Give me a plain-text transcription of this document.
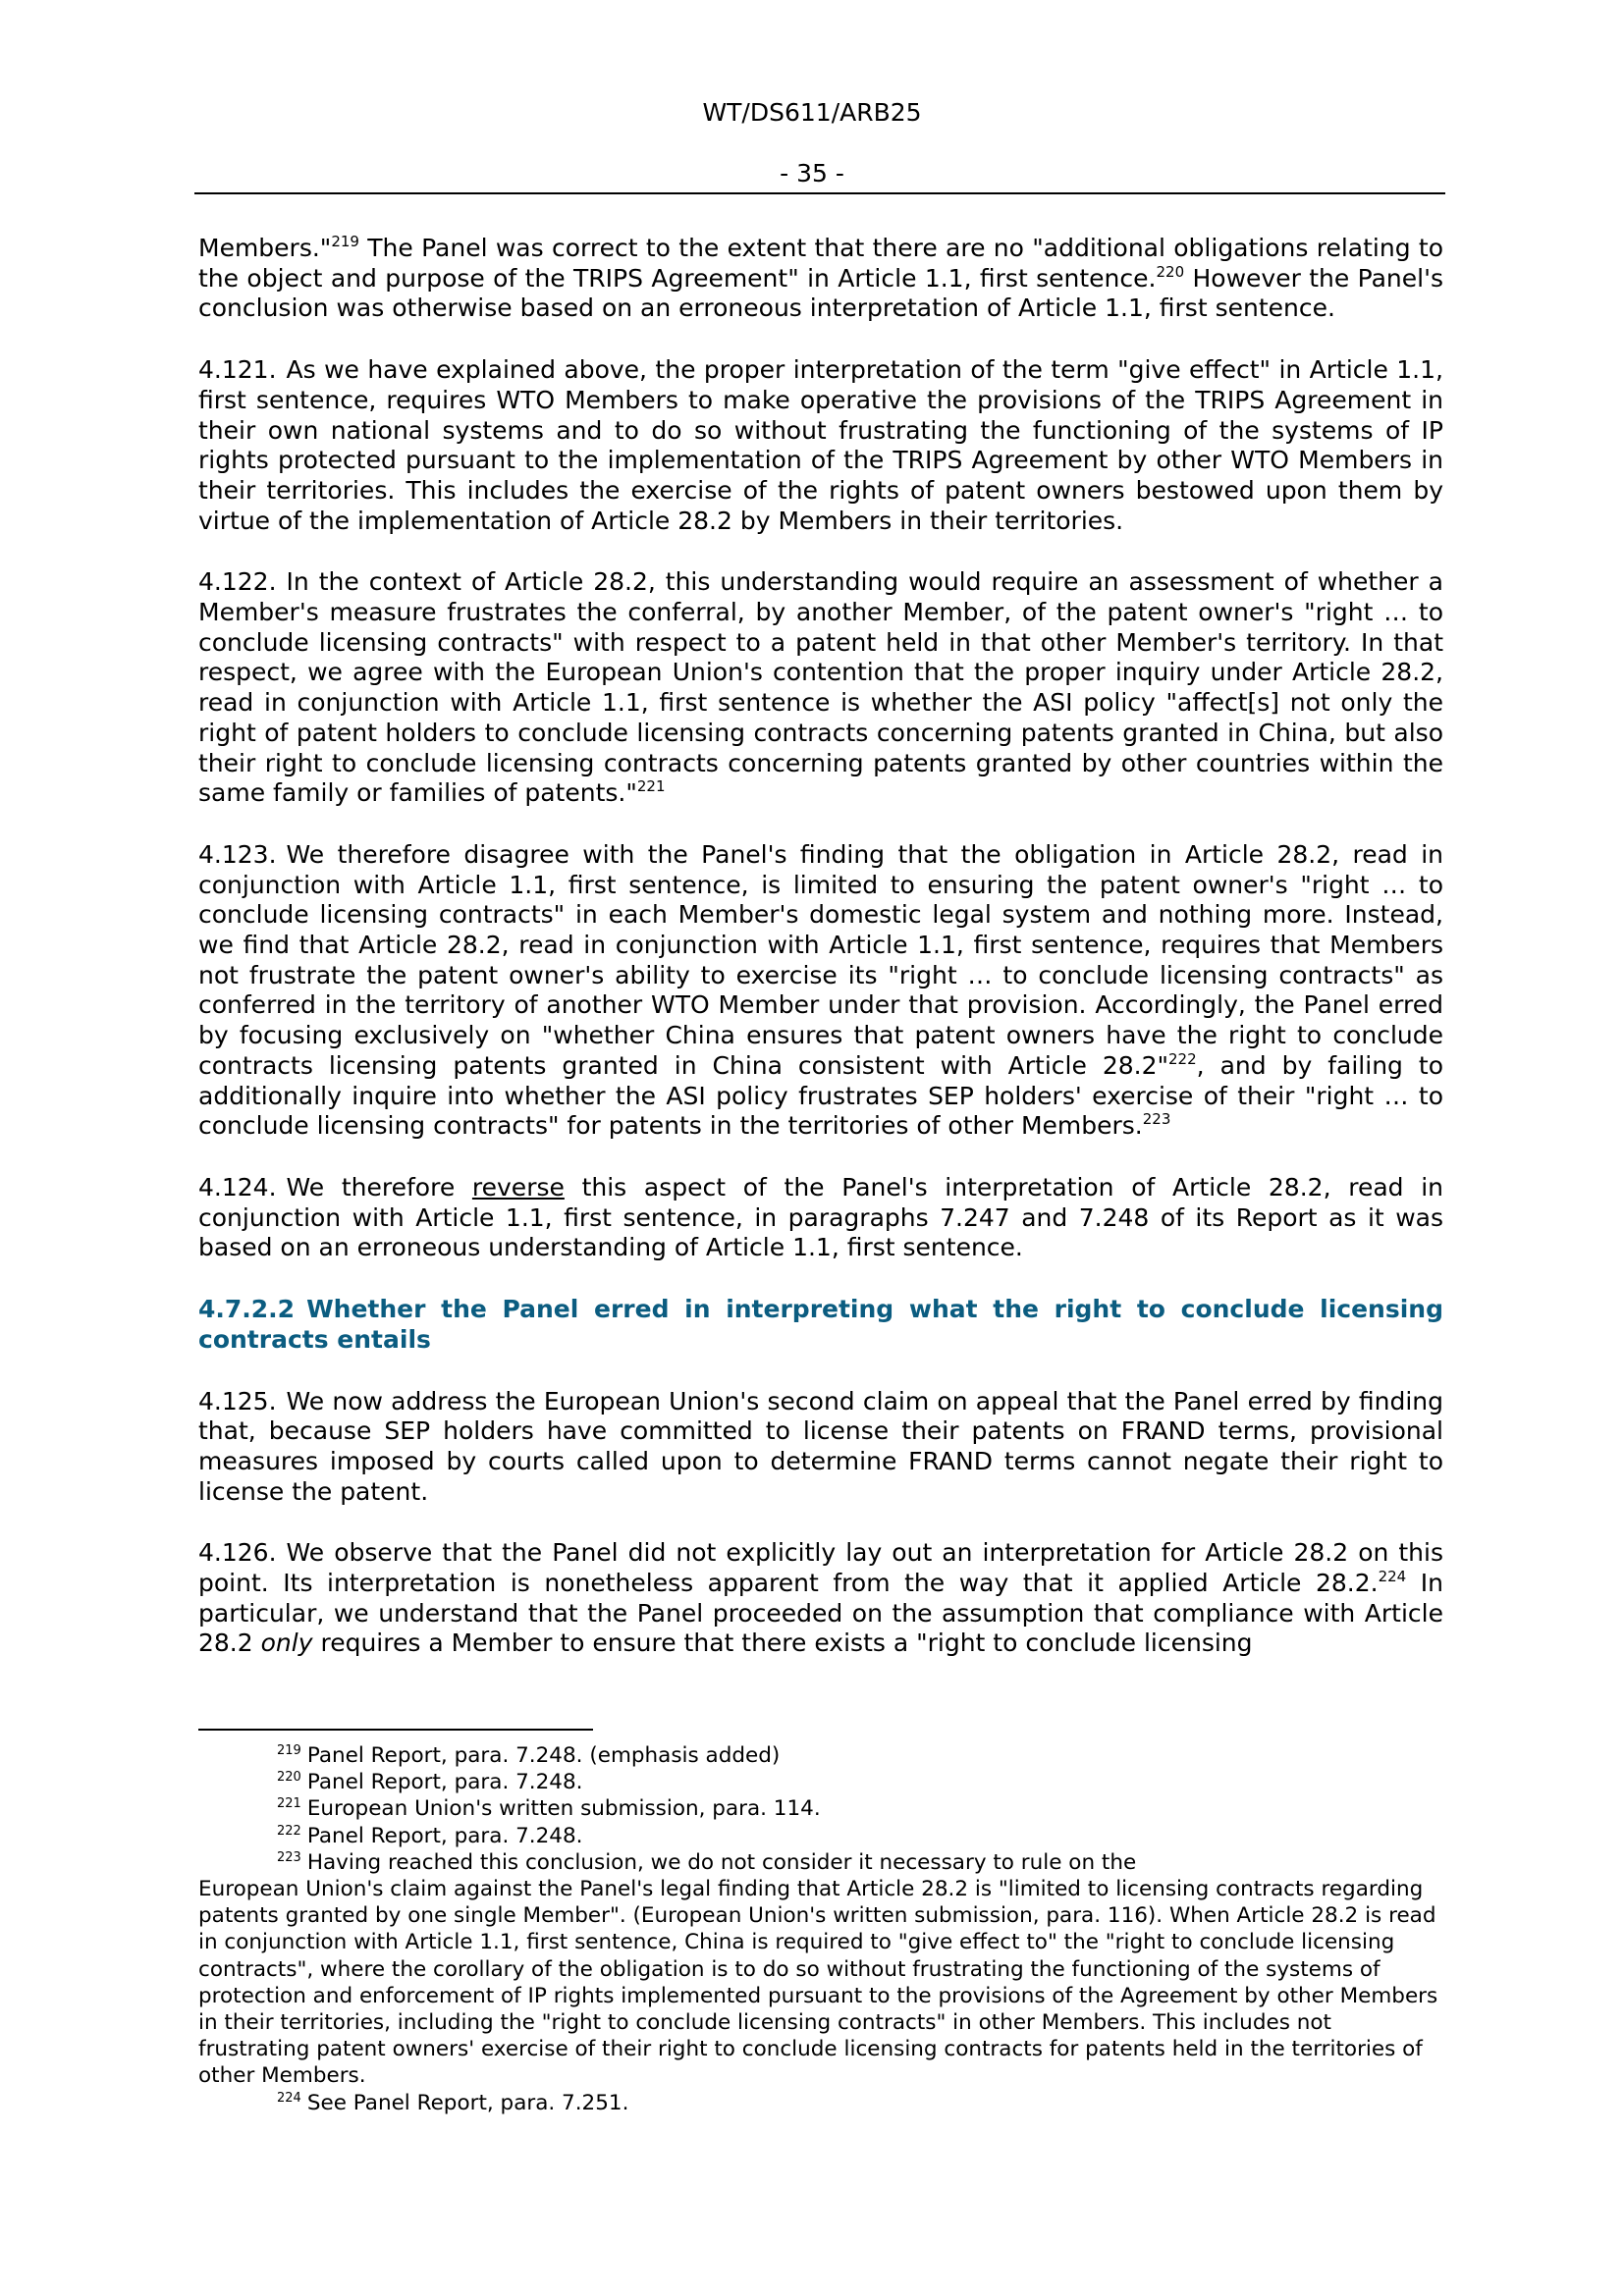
WT/DS611/ARB25
- 35 -

Members."$^{219}$ The Panel was correct to the extent that there are no "additional obligations relating to the object and purpose of the TRIPS Agreement" in Article 1.1, first sentence.$^{220}$ However the Panel's conclusion was otherwise based on an erroneous interpretation of Article 1.1, first sentence.

4.121. As we have explained above, the proper interpretation of the term "give effect" in Article 1.1, first sentence, requires WTO Members to make operative the provisions of the TRIPS Agreement in their own national systems and to do so without frustrating the functioning of the systems of IP rights protected pursuant to the implementation of the TRIPS Agreement by other WTO Members in their territories. This includes the exercise of the rights of patent owners bestowed upon them by virtue of the implementation of Article 28.2 by Members in their territories.

4.122. In the context of Article 28.2, this understanding would require an assessment of whether a Member's measure frustrates the conferral, by another Member, of the patent owner's "right … to conclude licensing contracts" with respect to a patent held in that other Member's territory. In that respect, we agree with the European Union's contention that the proper inquiry under Article 28.2, read in conjunction with Article 1.1, first sentence is whether the ASI policy "affect[s] not only the right of patent holders to conclude licensing contracts concerning patents granted in China, but also their right to conclude licensing contracts concerning patents granted by other countries within the same family or families of patents."$^{221}$

4.123. We therefore disagree with the Panel's finding that the obligation in Article 28.2, read in conjunction with Article 1.1, first sentence, is limited to ensuring the patent owner's "right … to conclude licensing contracts" in each Member's domestic legal system and nothing more. Instead, we find that Article 28.2, read in conjunction with Article 1.1, first sentence, requires that Members not frustrate the patent owner's ability to exercise its "right … to conclude licensing contracts" as conferred in the territory of another WTO Member under that provision. Accordingly, the Panel erred by focusing exclusively on "whether China ensures that patent owners have the right to conclude contracts licensing patents granted in China consistent with Article 28.2"$^{222}$, and by failing to additionally inquire into whether the ASI policy frustrates SEP holders' exercise of their "right … to conclude licensing contracts" for patents in the territories of other Members.$^{223}$

4.124. We therefore reverse this aspect of the Panel's interpretation of Article 28.2, read in conjunction with Article 1.1, first sentence, in paragraphs 7.247 and 7.248 of its Report as it was based on an erroneous understanding of Article 1.1, first sentence.

4.7.2.2 Whether the Panel erred in interpreting what the right to conclude licensing contracts entails

4.125. We now address the European Union's second claim on appeal that the Panel erred by finding that, because SEP holders have committed to license their patents on FRAND terms, provisional measures imposed by courts called upon to determine FRAND terms cannot negate their right to license the patent.

4.126. We observe that the Panel did not explicitly lay out an interpretation for Article 28.2 on this point. Its interpretation is nonetheless apparent from the way that it applied Article 28.2.$^{224}$ In particular, we understand that the Panel proceeded on the assumption that compliance with Article 28.2 only requires a Member to ensure that there exists a "right to conclude licensing

$^{219}$ Panel Report, para. 7.248. (emphasis added)

$^{220}$ Panel Report, para. 7.248.

$^{221}$ European Union's written submission, para. 114.

$^{222}$ Panel Report, para. 7.248.

$^{223}$ Having reached this conclusion, we do not consider it necessary to rule on the

European Union's claim against the Panel's legal finding that Article 28.2 is "limited to licensing contracts regarding patents granted by one single Member". (European Union's written submission, para. 116). When Article 28.2 is read in conjunction with Article 1.1, first sentence, China is required to "give effect to" the "right to conclude licensing contracts", where the corollary of the obligation is to do so without frustrating the functioning of the systems of protection and enforcement of IP rights implemented pursuant to the provisions of the Agreement by other Members in their territories, including the "right to conclude licensing contracts" in other Members. This includes not frustrating patent owners' exercise of their right to conclude licensing contracts for patents held in the territories of other Members.

$^{224}$ See Panel Report, para. 7.251.
